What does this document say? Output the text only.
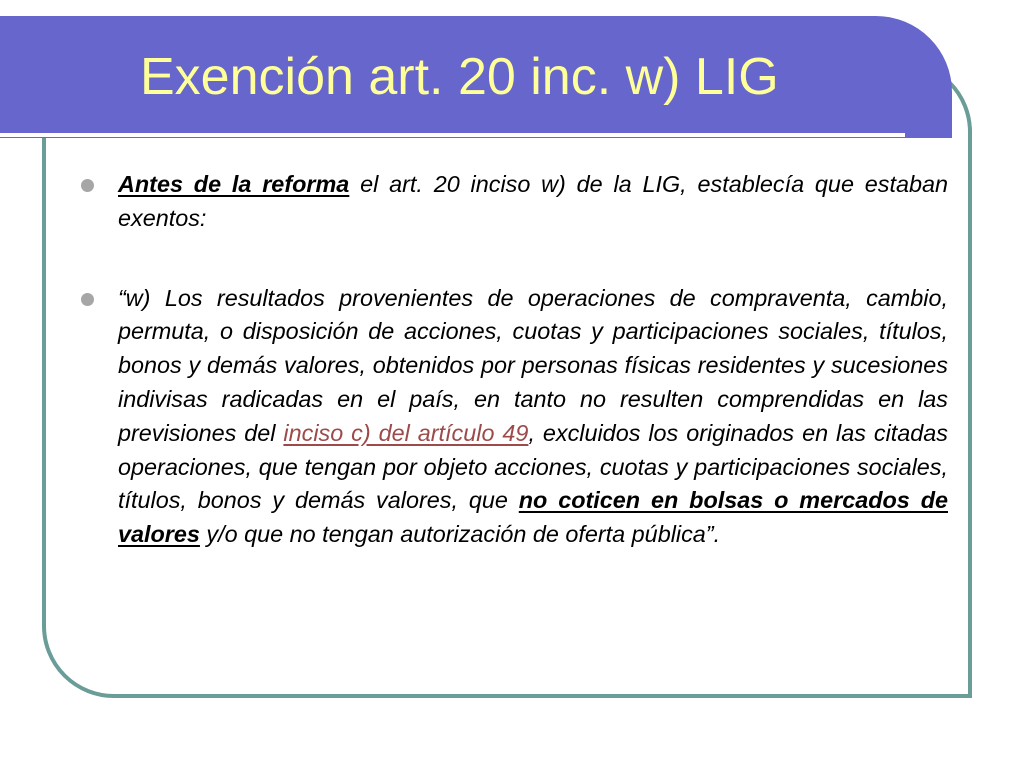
Exención art. 20 inc. w) LIG
Antes de la reforma el art. 20 inciso w) de la LIG, establecía que estaban exentos:
“w) Los resultados provenientes de operaciones de compraventa, cambio, permuta, o disposición de acciones, cuotas y participaciones sociales, títulos, bonos y demás valores, obtenidos por personas físicas residentes y sucesiones indivisas radicadas en el país, en tanto no resulten comprendidas en las previsiones del inciso c) del artículo 49, excluidos los originados en las citadas operaciones, que tengan por objeto acciones, cuotas y participaciones sociales, títulos, bonos y demás valores, que no coticen en bolsas o mercados de valores y/o que no tengan autorización de oferta pública”.
